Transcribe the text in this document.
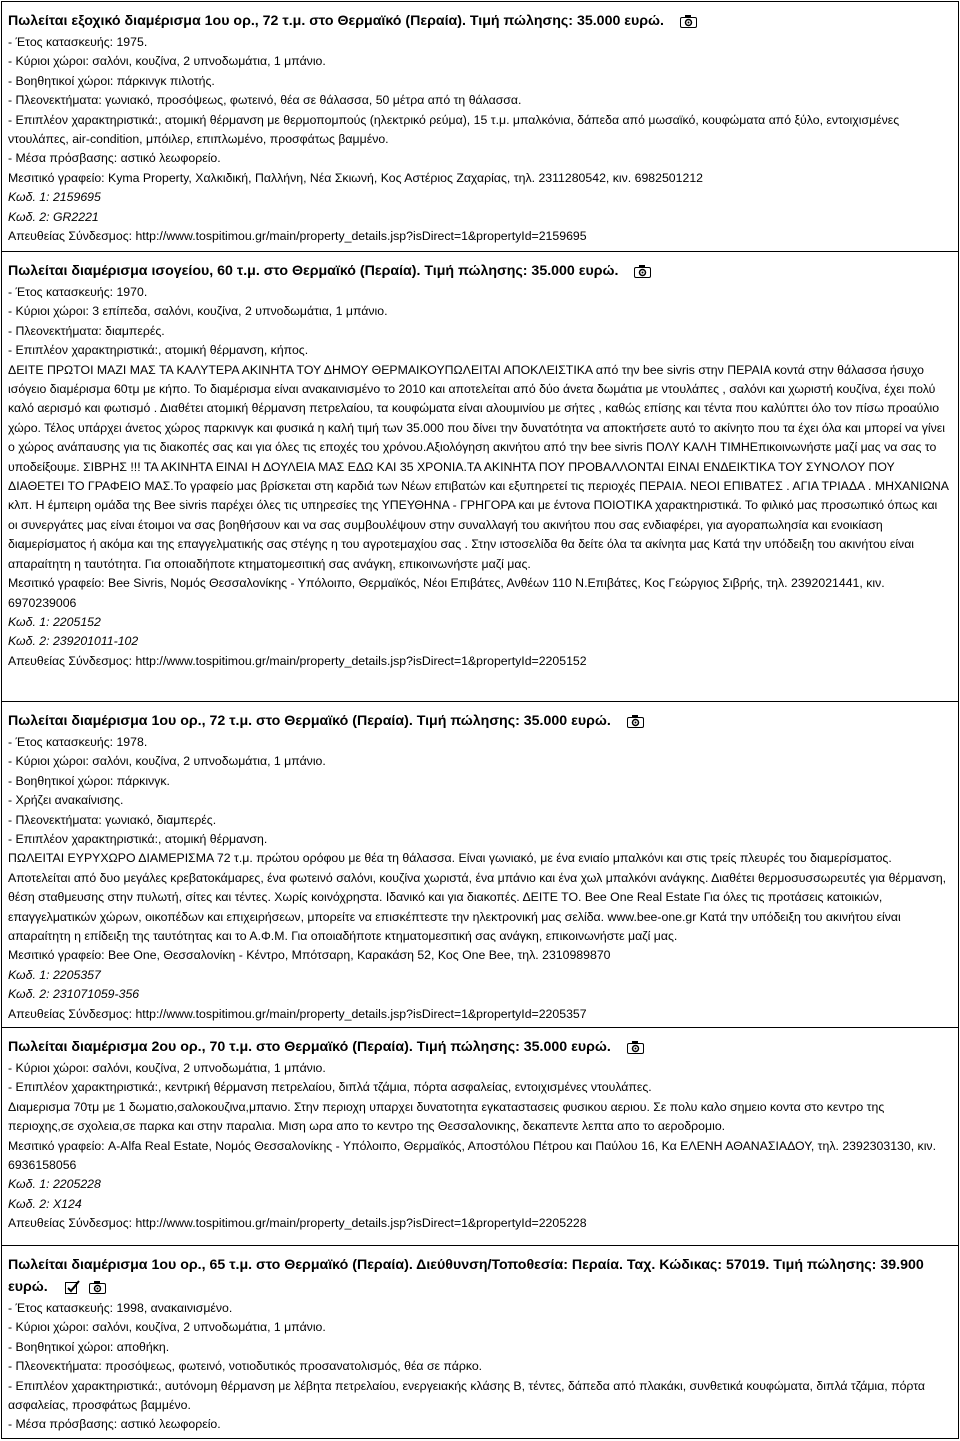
Πωλείται εξοχικό διαμέρισμα 1ου ορ., 72 τ.μ. στο Θερμαϊκό (Περαία). Τιμή πώλησης: 35.000 ευρώ.
- Έτος κατασκευής: 1975.
- Κύριοι χώροι: σαλόνι, κουζίνα, 2 υπνοδωμάτια, 1 μπάνιο.
- Βοηθητικοί χώροι: πάρκινγκ πιλοτής.
- Πλεονεκτήματα: γωνιακό, προσόψεως, φωτεινό, θέα σε θάλασσα, 50 μέτρα από τη θάλασσα.
- Επιπλέον χαρακτηριστικά:, ατομική θέρμανση με θερμοπομπούς (ηλεκτρικό ρεύμα), 15 τ.μ. μπαλκόνια, δάπεδα από μωσαϊκό, κουφώματα από ξύλο, εντοιχισμένες ντουλάπες, air-condition, μπόιλερ, επιπλωμένο, προσφάτως βαμμένο.
- Μέσα πρόσβασης: αστικό λεωφορείο.
Μεσιτικό γραφείο: Kyma Property, Χαλκιδική, Παλλήνη, Νέα Σκιωνή, Κος Αστέριος Ζαχαρίας, τηλ. 2311280542, κιν. 6982501212
Κωδ. 1: 2159695
Κωδ. 2: GR2221
Απευθείας Σύνδεσμος: http://www.tospitimou.gr/main/property_details.jsp?isDirect=1&propertyId=2159695
Πωλείται διαμέρισμα ισογείου, 60 τ.μ. στο Θερμαϊκό (Περαία). Τιμή πώλησης: 35.000 ευρώ.
- Έτος κατασκευής: 1970.
- Κύριοι χώροι: 3 επίπεδα, σαλόνι, κουζίνα, 2 υπνοδωμάτια, 1 μπάνιο.
- Πλεονεκτήματα: διαμπερές.
- Επιπλέον χαρακτηριστικά:, ατομική θέρμανση, κήπος.
ΔΕΙΤΕ ΠΡΩΤΟΙ ΜΑΖΙ ΜΑΣ ΤΑ ΚΑΛΥΤΕΡΑ ΑΚΙΝΗΤΑ ΤΟΥ ΔΗΜΟΥ ΘΕΡΜΑΙΚΟΥΠΩΛΕΙΤΑΙ ΑΠΟΚΛΕΙΣΤΙΚΑ από την bee sivris στην ΠΕΡΑΙΑ κοντά στην θάλασσα ήσυχο ισόγειο διαμέρισμα 60τμ με κήπο. Το διαμέρισμα είναι ανακαινισμένο το 2010 και αποτελείται από δύο άνετα δωμάτια με ντουλάπες , σαλόνι και χωριστή κουζίνα, έχει πολύ καλό αερισμό και φωτισμό . Διαθέτει ατομική θέρμανση πετρελαίου, τα κουφώματα είναι αλουμινίου με σήτες , καθώς επίσης και τέντα που καλύπτει όλο τον πίσω προαύλιο χώρο. Τέλος υπάρχει άνετος χώρος παρκινγκ και φυσικά η καλή τιμή των 35.000 που δίνει την δυνατότητα να αποκτήσετε αυτό το ακίνητο που τα έχει όλα και μπορεί να γίνει ο χώρος ανάπαυσης για τις διακοπές σας και για όλες τις εποχές του χρόνου.Αξιολόγηση ακινήτου από την bee sivris ΠΟΛΥ ΚΑΛΗ ΤΙΜΗΕπικοινωνήστε μαζί μας να σας το υποδείξουμε. ΣΙΒΡΗΣ !!! ΤΑ ΑΚΙΝΗΤΑ ΕΙΝΑΙ Η ΔΟΥΛΕΙΑ ΜΑΣ ΕΔΩ ΚΑΙ 35 ΧΡΟΝΙΑ.ΤΑ ΑΚΙΝΗΤΑ ΠΟΥ ΠΡΟΒΑΛΛΟΝΤΑΙ ΕΙΝΑΙ ΕΝΔΕΙΚΤΙΚΑ ΤΟΥ ΣΥΝΟΛΟΥ ΠΟΥ ΔΙΑΘΕΤΕΙ ΤΟ ΓΡΑΦΕΙΟ ΜΑΣ.Το γραφείο μας βρίσκεται στη καρδιά των Νέων επιβατών και εξυπηρετεί τις περιοχές ΠΕΡΑΙΑ. ΝΕΟΙ ΕΠΙΒΑΤΕΣ . ΑΓΙΑ ΤΡΙΑΔΑ . ΜΗΧΑΝΙΩΝΑ κλπ. Η έμπειρη ομάδα της Bee sivris παρέχει όλες τις υπηρεσίες της ΥΠΕΥΘΗΝΑ - ΓΡΗΓΟΡΑ και με έντονα ΠΟΙΟΤΙΚΑ χαρακτηριστικά. Το φιλικό μας προσωπικό όπως και οι συνεργάτες μας είναι έτοιμοι να σας βοηθήσουν και να σας συμβουλέψουν στην συναλλαγή του ακινήτου που σας ενδιαφέρει, για αγοραπωλησία και ενοικίαση διαμερίσματος ή ακόμα και της επαγγελματικής σας στέγης η του αγροτεμαχίου σας . Στην ιστοσελίδα θα δείτε όλα τα ακίνητα μας Κατά την υπόδειξη του ακινήτου είναι απαραίτητη η ταυτότητα. Για οποιαδήποτε κτηματομεσιτική σας ανάγκη, επικοινωνήστε μαζί μας.
Μεσιτικό γραφείο: Bee Sivris, Νομός Θεσσαλονίκης - Υπόλοιπο, Θερμαϊκός, Νέοι Επιβάτες, Ανθέων 110 Ν.Επιβάτες, Κος Γεώργιος Σιβρής, τηλ. 2392021441, κιν. 6970239006
Κωδ. 1: 2205152
Κωδ. 2: 239201011-102
Απευθείας Σύνδεσμος: http://www.tospitimou.gr/main/property_details.jsp?isDirect=1&propertyId=2205152
Πωλείται διαμέρισμα 1ου ορ., 72 τ.μ. στο Θερμαϊκό (Περαία). Τιμή πώλησης: 35.000 ευρώ.
- Έτος κατασκευής: 1978.
- Κύριοι χώροι: σαλόνι, κουζίνα, 2 υπνοδωμάτια, 1 μπάνιο.
- Βοηθητικοί χώροι: πάρκινγκ.
- Χρήζει ανακαίνισης.
- Πλεονεκτήματα: γωνιακό, διαμπερές.
- Επιπλέον χαρακτηριστικά:, ατομική θέρμανση.
ΠΩΛΕΙΤΑΙ ΕΥΡΥΧΩΡΟ ΔΙΑΜΕΡΙΣΜΑ 72 τ.μ. πρώτου ορόφου με θέα τη θάλασσα. Είναι γωνιακό, με ένα ενιαίο μπαλκόνι και στις τρείς πλευρές του διαμερίσματος. Αποτελείται από δυο μεγάλες κρεβατοκάμαρες, ένα φωτεινό σαλόνι, κουζίνα χωριστά, ένα μπάνιο και ένα χωλ μπαλκόνι ανάγκης. Διαθέτει θερμοσυσσωρευτές για θέρμανση, θέση σταθμευσης στην πυλωτή, σίτες και τέντες. Χωρίς κοινόχρηστα. Ιδανικό και για διακοπές. ΔΕΙΤΕ ΤΟ. Bee One Real Estate Για όλες τις προτάσεις κατοικιών, επαγγελματικών χώρων, οικοπέδων και επιχειρήσεων, μπορείτε να επισκέπτεστε την ηλεκτρονική μας σελίδα. www.bee-one.gr Κατά την υπόδειξη του ακινήτου είναι απαραίτητη η επίδειξη της ταυτότητας και το Α.Φ.Μ. Για οποιαδήποτε κτηματομεσιτική σας ανάγκη, επικοινωνήστε μαζί μας.
Μεσιτικό γραφείο: Bee One, Θεσσαλονίκη - Κέντρο, Μπότσαρη, Καρακάση 52, Κος One Bee, τηλ. 2310989870
Κωδ. 1: 2205357
Κωδ. 2: 231071059-356
Απευθείας Σύνδεσμος: http://www.tospitimou.gr/main/property_details.jsp?isDirect=1&propertyId=2205357
Πωλείται διαμέρισμα 2ου ορ., 70 τ.μ. στο Θερμαϊκό (Περαία). Τιμή πώλησης: 35.000 ευρώ.
- Κύριοι χώροι: σαλόνι, κουζίνα, 2 υπνοδωμάτια, 1 μπάνιο.
- Επιπλέον χαρακτηριστικά:, κεντρική θέρμανση πετρελαίου, διπλά τζάμια, πόρτα ασφαλείας, εντοιχισμένες ντουλάπες.
Διαμερισμα 70τμ με 1 δωματιο,σαλοκουζινα,μπανιο. Στην περιοχη υπαρχει δυνατοτητα εγκαταστασεις φυσικου αεριου. Σε πολυ καλο σημειο κοντα στο κεντρο της περιοχης,σε σχολεια,σε παρκα και στην παραλια. Μιση ωρα απο το κεντρο της Θεσσαλονικης, δεκαπεντε λεπτα απο το αεροδρομιο.
Μεσιτικό γραφείο: A-Alfa Real Estate, Νομός Θεσσαλονίκης - Υπόλοιπο, Θερμαϊκός, Αποστόλου Πέτρου και Παύλου 16, Κα ΕΛΕΝΗ ΑΘΑΝΑΣΙΑΔΟΥ, τηλ. 2392303130, κιν. 6936158056
Κωδ. 1: 2205228
Κωδ. 2: X124
Απευθείας Σύνδεσμος: http://www.tospitimou.gr/main/property_details.jsp?isDirect=1&propertyId=2205228
Πωλείται διαμέρισμα 1ου ορ., 65 τ.μ. στο Θερμαϊκό (Περαία). Διεύθυνση/Τοποθεσία: Περαία. Ταχ. Κώδικας: 57019. Τιμή πώλησης: 39.900 ευρώ.

- Έτος κατασκευής: 1998, ανακαινισμένο.
- Κύριοι χώροι: σαλόνι, κουζίνα, 2 υπνοδωμάτια, 1 μπάνιο.
- Βοηθητικοί χώροι: αποθήκη.
- Πλεονεκτήματα: προσόψεως, φωτεινό, νοτιοδυτικός προσανατολισμός, θέα σε πάρκο.
- Επιπλέον χαρακτηριστικά:, αυτόνομη θέρμανση με λέβητα πετρελαίου, ενεργειακής κλάσης Β, τέντες, δάπεδα από πλακάκι, συνθετικά κουφώματα, διπλά τζάμια, πόρτα ασφαλείας, προσφάτως βαμμένο.
- Μέσα πρόσβασης: αστικό λεωφορείο.
